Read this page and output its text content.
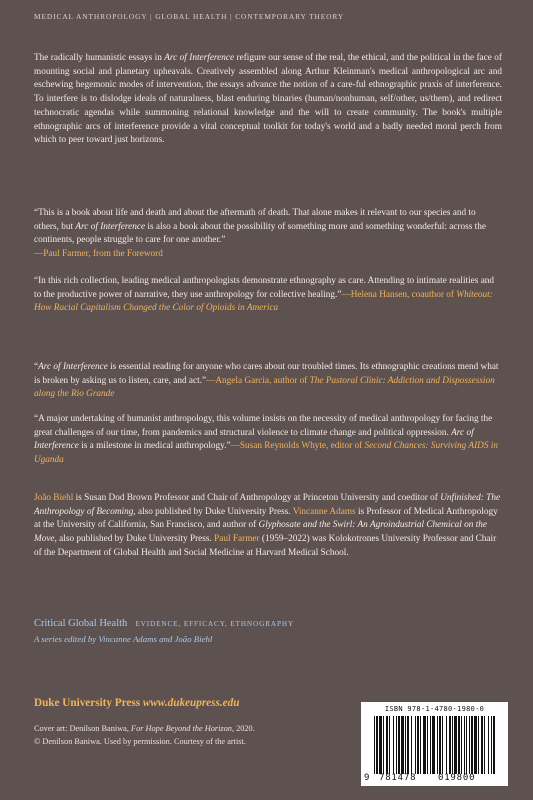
MEDICAL ANTHROPOLOGY | GLOBAL HEALTH | CONTEMPORARY THEORY
The radically humanistic essays in Arc of Interference refigure our sense of the real, the ethical, and the political in the face of mounting social and planetary upheavals. Creatively assembled along Arthur Kleinman's medical anthropological arc and eschewing hegemonic modes of intervention, the essays advance the notion of a care-ful ethnographic praxis of interference. To interfere is to dislodge ideals of naturalness, blast enduring binaries (human/nonhuman, self/other, us/them), and redirect technocratic agendas while summoning relational knowledge and the will to create community. The book's multiple ethnographic arcs of interference provide a vital conceptual toolkit for today's world and a badly needed moral perch from which to peer toward just horizons.
“This is a book about life and death and about the aftermath of death. That alone makes it relevant to our species and to others, but Arc of Interference is also a book about the possibility of something more and something wonderful: across the continents, people struggle to care for one another.”
—Paul Farmer, from the Foreword
“In this rich collection, leading medical anthropologists demonstrate ethnography as care. Attending to intimate realities and to the productive power of narrative, they use anthropology for collective healing.”—Helena Hansen, coauthor of Whiteout: How Racial Capitalism Changed the Color of Opioids in America
“Arc of Interference is essential reading for anyone who cares about our troubled times. Its ethnographic creations mend what is broken by asking us to listen, care, and act.”—Angela Garcia, author of The Pastoral Clinic: Addiction and Dispossession along the Rio Grande
“A major undertaking of humanist anthropology, this volume insists on the necessity of medical anthropology for facing the great challenges of our time, from pandemics and structural violence to climate change and political oppression. Arc of Interference is a milestone in medical anthropology.”—Susan Reynolds Whyte, editor of Second Chances: Surviving AIDS in Uganda
João Biehl is Susan Dod Brown Professor and Chair of Anthropology at Princeton University and coeditor of Unfinished: The Anthropology of Becoming, also published by Duke University Press. Vincanne Adams is Professor of Medical Anthropology at the University of California, San Francisco, and author of Glyphosate and the Swirl: An Agroindustrial Chemical on the Move, also published by Duke University Press. Paul Farmer (1959–2022) was Kolokotrones University Professor and Chair of the Department of Global Health and Social Medicine at Harvard Medical School.
Critical Global Health EVIDENCE, EFFICACY, ETHNOGRAPHY
A series edited by Vincanne Adams and João Biehl
Duke University Press www.dukeupress.edu
Cover art: Denilson Baniwa, For Hope Beyond the Horizon, 2020.
© Denilson Baniwa. Used by permission. Courtesy of the artist.
ISBN 978-1-4780-1980-0
9 781478 019800
